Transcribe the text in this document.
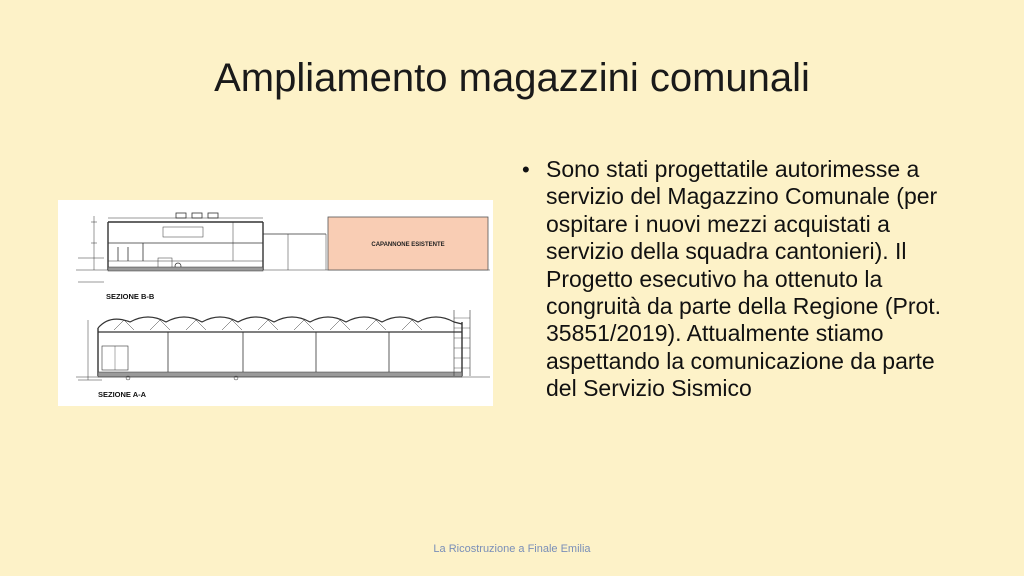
Ampliamento magazzini comunali
CAPANNONE ESISTENTE
SEZIONE B-B
SEZIONE A-A
• Sono stati progettatile autorimesse a servizio del Magazzino Comunale (per ospitare i nuovi mezzi acquistati a servizio della squadra cantonieri). Il Progetto esecutivo ha ottenuto la congruità da parte della Regione (Prot. 35851/2019). Attualmente stiamo aspettando la comunicazione da parte del Servizio Sismico
La Ricostruzione a Finale Emilia
